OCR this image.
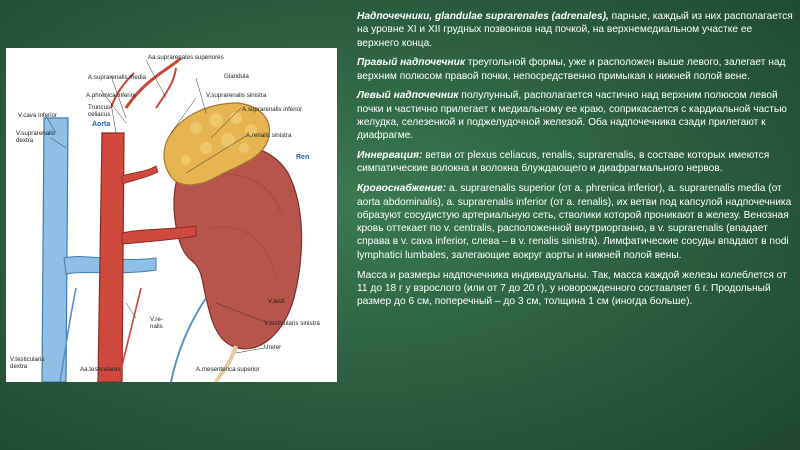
Aa.suprarenales superiores
Glandula
A.suprarenalis media
A.phrenica inferior
Truncus
celiacus
V.suprarenalis sinistra
A.suprarenalis inferior
Aorta
V.cava inferior
V.suprarenalis
dextra
A.renalis sinistra
Ren
V.testi
V.re-
nalis	V.testicularis sinistra
Ureter
V.testicularis
dextra	Aa.testiculares	A.mesenterica superior

Надпочечники, glandulae suprarenales (adrenales), парные, каждый из них располагается на уровне XI и XII грудных позвонков над почкой, на верхнемедиальном участке ее верхнего конца.

Правый надпочечник треугольной формы, уже и расположен выше левого, залегает над верхним полюсом правой почки, непосредственно примыкая к нижней полой вене.

Левый надпочечник полулунный, располагается частично над верхним полюсом левой почки и частично прилегает к медиальному ее краю, соприкасается с кардиальной частью желудка, селезенкой и поджелудочной железой. Оба надпочечника сзади прилегают к диафрагме.

Иннервация: ветви от plexus celiacus, renalis, suprarenalis, в составе которых имеются симпатические волокна и волокна блуждающего и диафрагмального нервов.

Кровоснабжение: a. suprarenalis superior (от a. phrenica inferior), a. suprarenalis media (от aorta abdominalis), a. suprarenalis inferior (от a. renalis), их ветви под капсулой надпочечника образуют сосудистую артериальную сеть, стволики которой проникают в железу. Венозная кровь оттекает по v. centralis, расположенной внутриорганно, в v. suprarenalis (впадает справа в v. cava inferior, слева – в v. renalis sinistra). Лимфатические сосуды впадают в nodi lymphatici lumbales, залегающие вокруг аорты и нижней полой вены.

Масса и размеры надпочечника индивидуальны. Так, масса каждой железы колеблется от 11 до 18 г у взрослого (или от 7 до 20 г), у новорожденного составляет 6 г. Продольный размер до 6 см, поперечный – до 3 см, толщина 1 см (иногда больше).
